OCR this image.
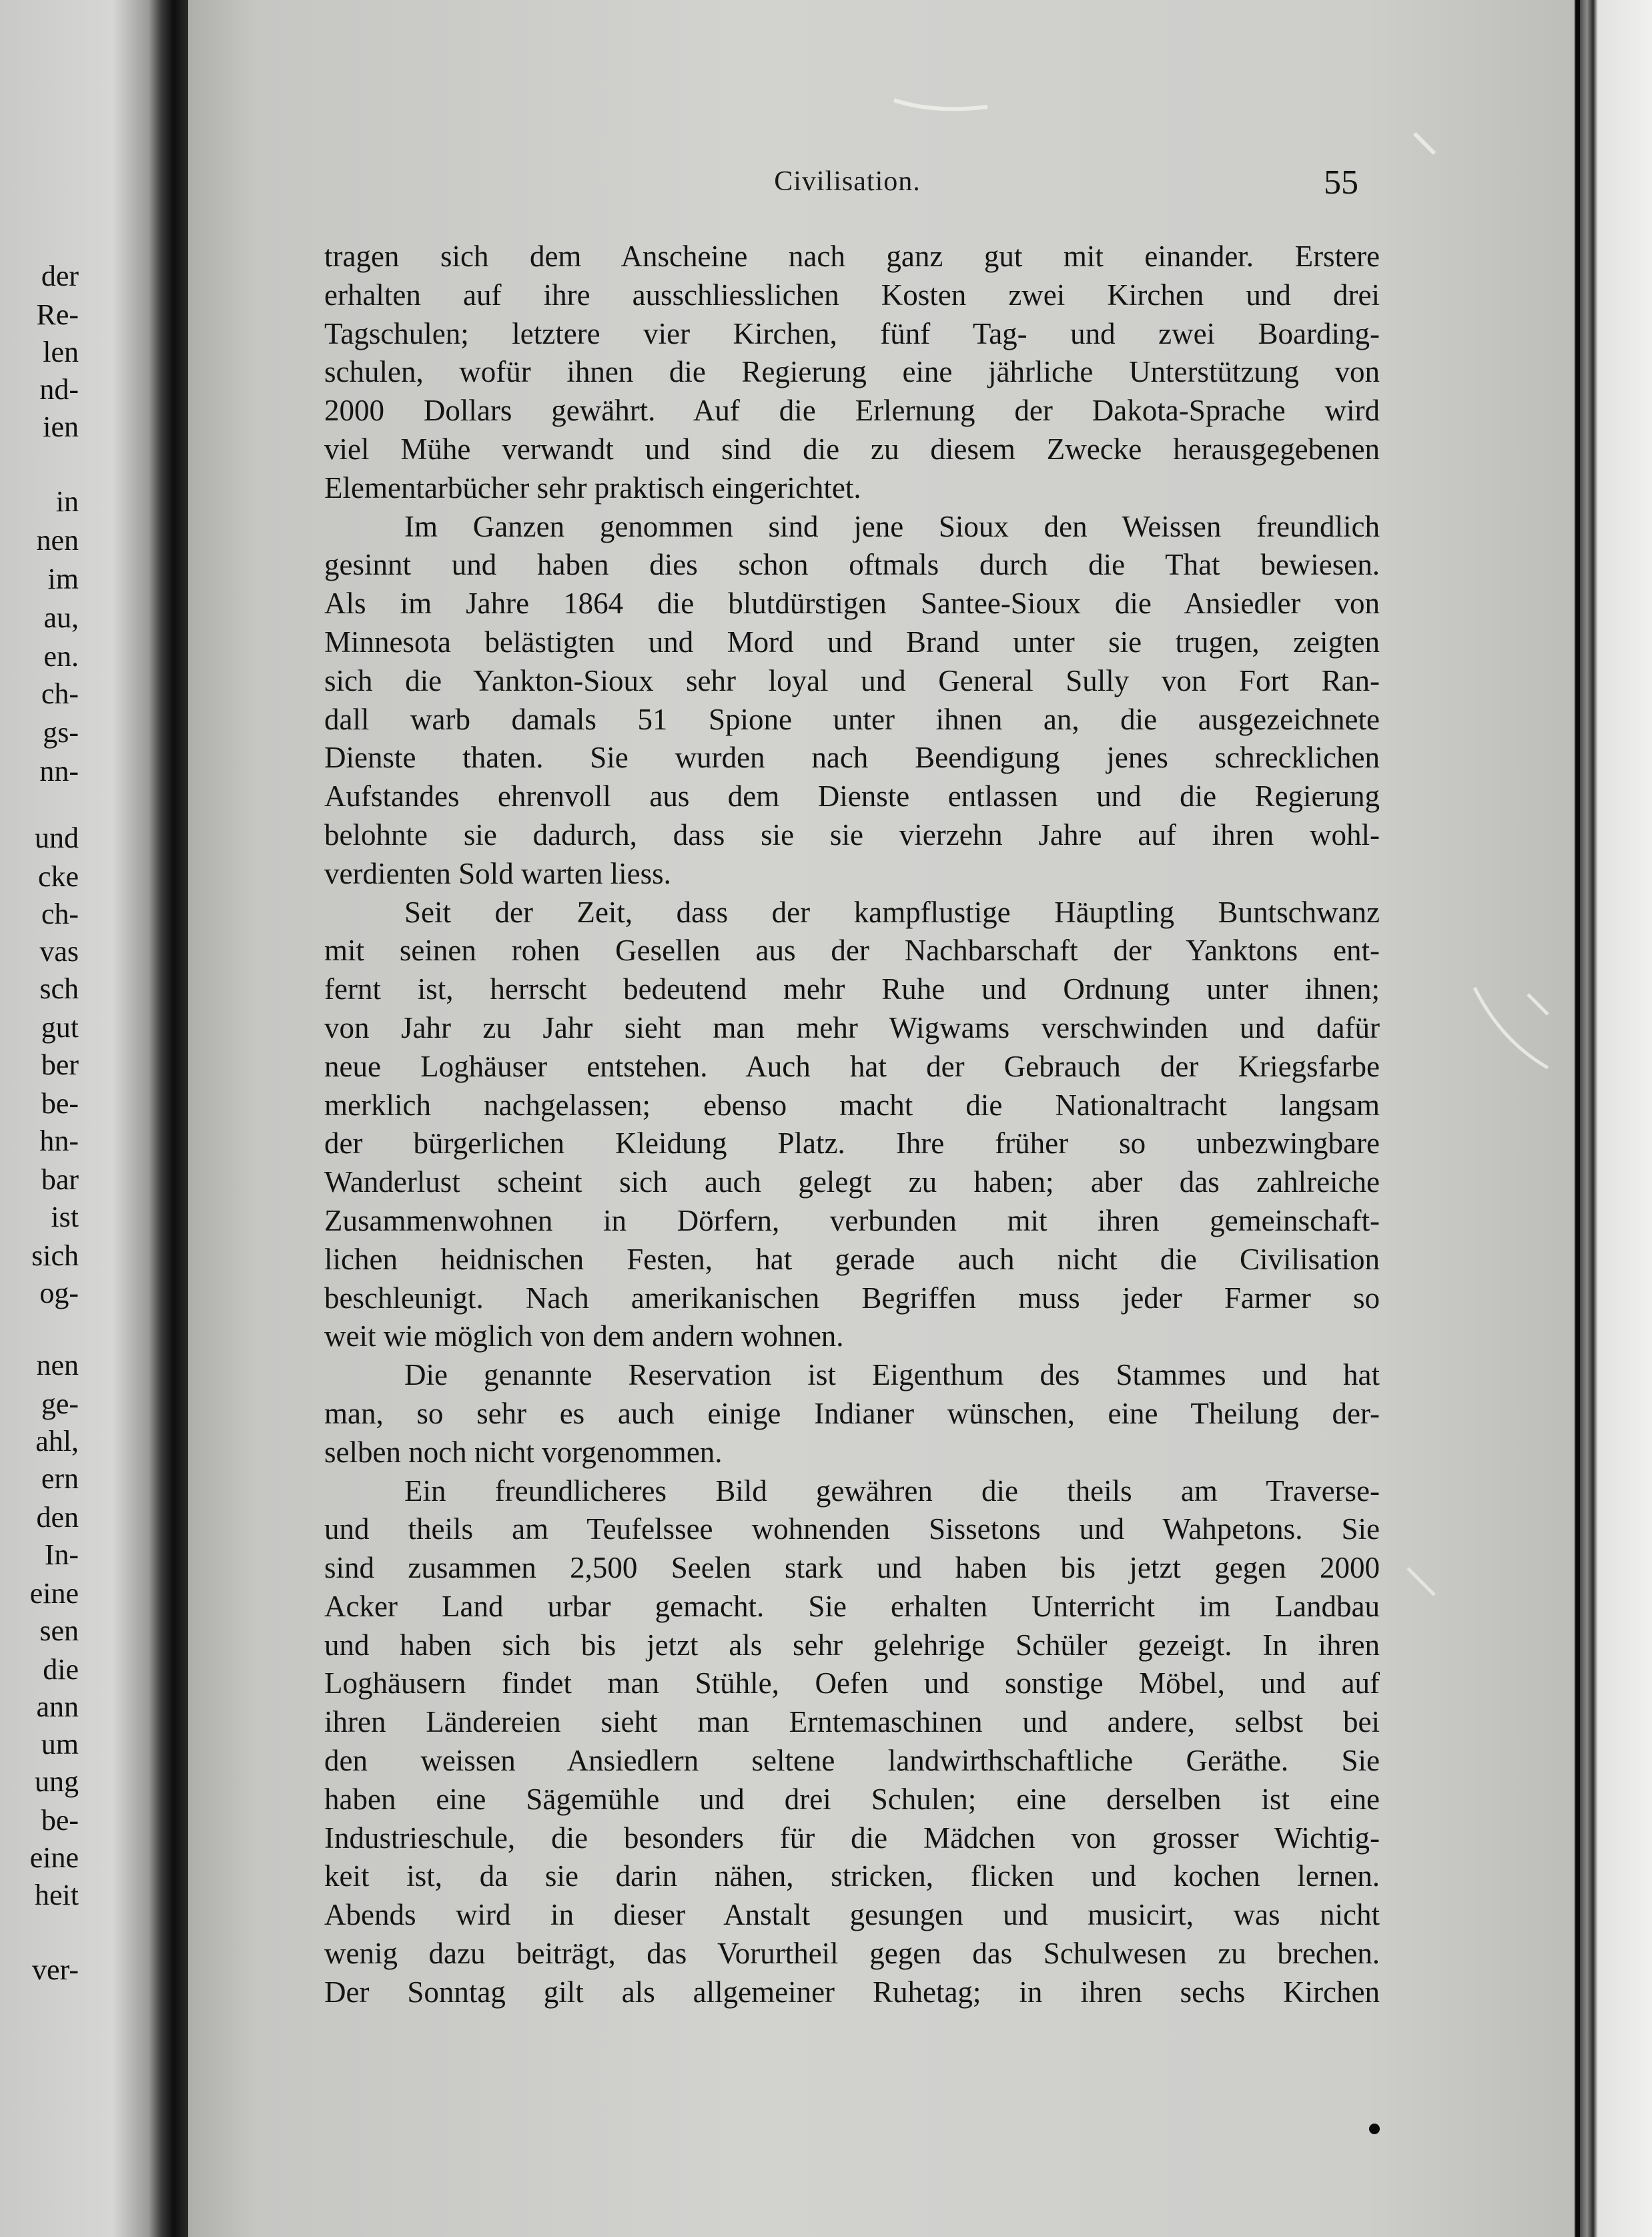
der
Re-
len
nd-
ien
in
nen
im
au,
en.
ch-
gs-
nn-
und
cke
ch-
vas
sch
gut
ber
be-
hn-
bar
ist
sich
og-
nen
ge-
ahl,
ern
den
In-
eine
sen
die
ann
um
ung
be-
eine
heit
ver-
Civilisation.	55
tragen sich dem Anscheine nach ganz gut mit einander. Erstere
erhalten auf ihre ausschliesslichen Kosten zwei Kirchen und drei
Tagschulen; letztere vier Kirchen, fünf Tag- und zwei Boarding-
schulen, wofür ihnen die Regierung eine jährliche Unterstützung von
2000 Dollars gewährt. Auf die Erlernung der Dakota-Sprache wird
viel Mühe verwandt und sind die zu diesem Zwecke herausgegebenen
Elementarbücher sehr praktisch eingerichtet.
Im Ganzen genommen sind jene Sioux den Weissen freundlich
gesinnt und haben dies schon oftmals durch die That bewiesen.
Als im Jahre 1864 die blutdürstigen Santee-Sioux die Ansiedler von
Minnesota belästigten und Mord und Brand unter sie trugen, zeigten
sich die Yankton-Sioux sehr loyal und General Sully von Fort Ran-
dall warb damals 51 Spione unter ihnen an, die ausgezeichnete
Dienste thaten. Sie wurden nach Beendigung jenes schrecklichen
Aufstandes ehrenvoll aus dem Dienste entlassen und die Regierung
belohnte sie dadurch, dass sie sie vierzehn Jahre auf ihren wohl-
verdienten Sold warten liess.
Seit der Zeit, dass der kampflustige Häuptling Buntschwanz
mit seinen rohen Gesellen aus der Nachbarschaft der Yanktons ent-
fernt ist, herrscht bedeutend mehr Ruhe und Ordnung unter ihnen;
von Jahr zu Jahr sieht man mehr Wigwams verschwinden und dafür
neue Loghäuser entstehen. Auch hat der Gebrauch der Kriegsfarbe
merklich nachgelassen; ebenso macht die Nationaltracht langsam
der bürgerlichen Kleidung Platz. Ihre früher so unbezwingbare
Wanderlust scheint sich auch gelegt zu haben; aber das zahlreiche
Zusammenwohnen in Dörfern, verbunden mit ihren gemeinschaft-
lichen heidnischen Festen, hat gerade auch nicht die Civilisation
beschleunigt. Nach amerikanischen Begriffen muss jeder Farmer so
weit wie möglich von dem andern wohnen.
Die genannte Reservation ist Eigenthum des Stammes und hat
man, so sehr es auch einige Indianer wünschen, eine Theilung der-
selben noch nicht vorgenommen.
Ein freundlicheres Bild gewähren die theils am Traverse-
und theils am Teufelssee wohnenden Sissetons und Wahpetons. Sie
sind zusammen 2,500 Seelen stark und haben bis jetzt gegen 2000
Acker Land urbar gemacht. Sie erhalten Unterricht im Landbau
und haben sich bis jetzt als sehr gelehrige Schüler gezeigt. In ihren
Loghäusern findet man Stühle, Oefen und sonstige Möbel, und auf
ihren Ländereien sieht man Erntemaschinen und andere, selbst bei
den weissen Ansiedlern seltene landwirthschaftliche Geräthe. Sie
haben eine Sägemühle und drei Schulen; eine derselben ist eine
Industrieschule, die besonders für die Mädchen von grosser Wichtig-
keit ist, da sie darin nähen, stricken, flicken und kochen lernen.
Abends wird in dieser Anstalt gesungen und musicirt, was nicht
wenig dazu beiträgt, das Vorurtheil gegen das Schulwesen zu brechen.
Der Sonntag gilt als allgemeiner Ruhetag; in ihren sechs Kirchen
